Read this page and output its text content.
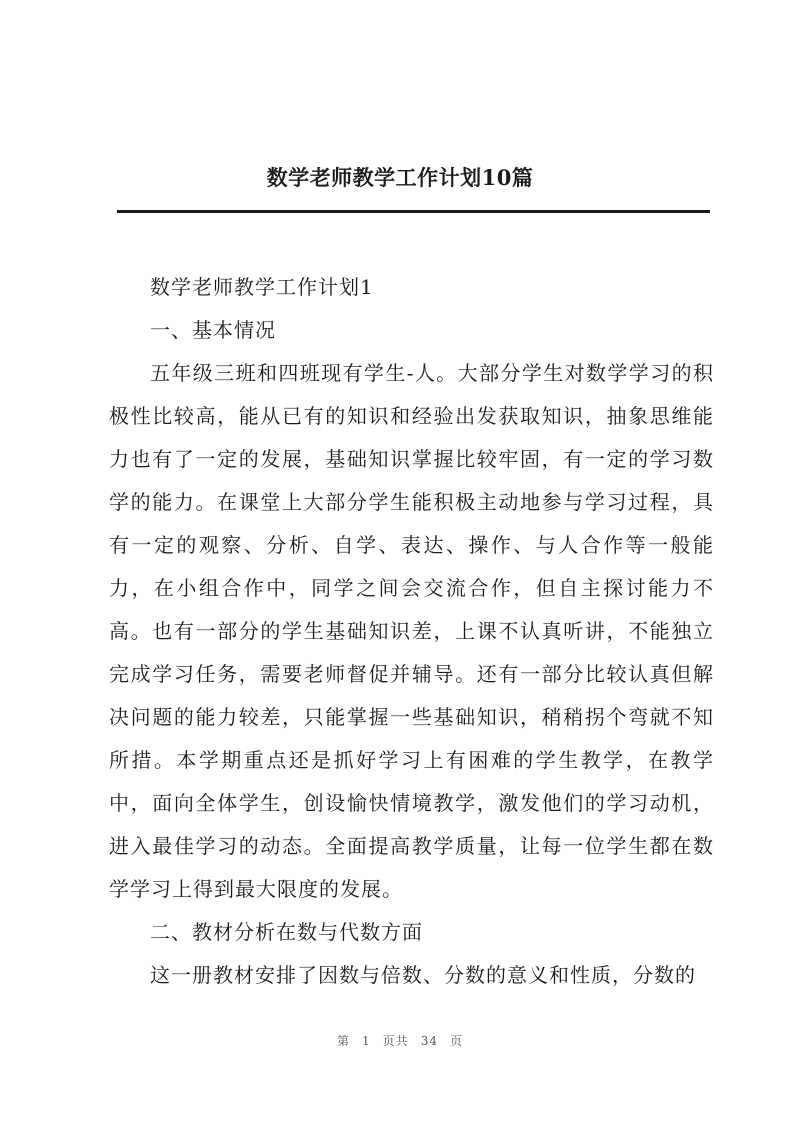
数学老师教学工作计划10篇

数学老师教学工作计划1

一、基本情况

五年级三班和四班现有学生-人。大部分学生对数学学习的积极性比较高，能从已有的知识和经验出发获取知识，抽象思维能力也有了一定的发展，基础知识掌握比较牢固，有一定的学习数学的能力。在课堂上大部分学生能积极主动地参与学习过程，具有一定的观察、分析、自学、表达、操作、与人合作等一般能力，在小组合作中，同学之间会交流合作，但自主探讨能力不高。也有一部分的学生基础知识差，上课不认真听讲，不能独立完成学习任务，需要老师督促并辅导。还有一部分比较认真但解决问题的能力较差，只能掌握一些基础知识，稍稍拐个弯就不知所措。本学期重点还是抓好学习上有困难的学生教学，在教学中，面向全体学生，创设愉快情境教学，激发他们的学习动机，进入最佳学习的动态。全面提高教学质量，让每一位学生都在数学学习上得到最大限度的发展。

二、教材分析在数与代数方面

这一册教材安排了因数与倍数、分数的意义和性质，分数的

第 1 页共 34 页
